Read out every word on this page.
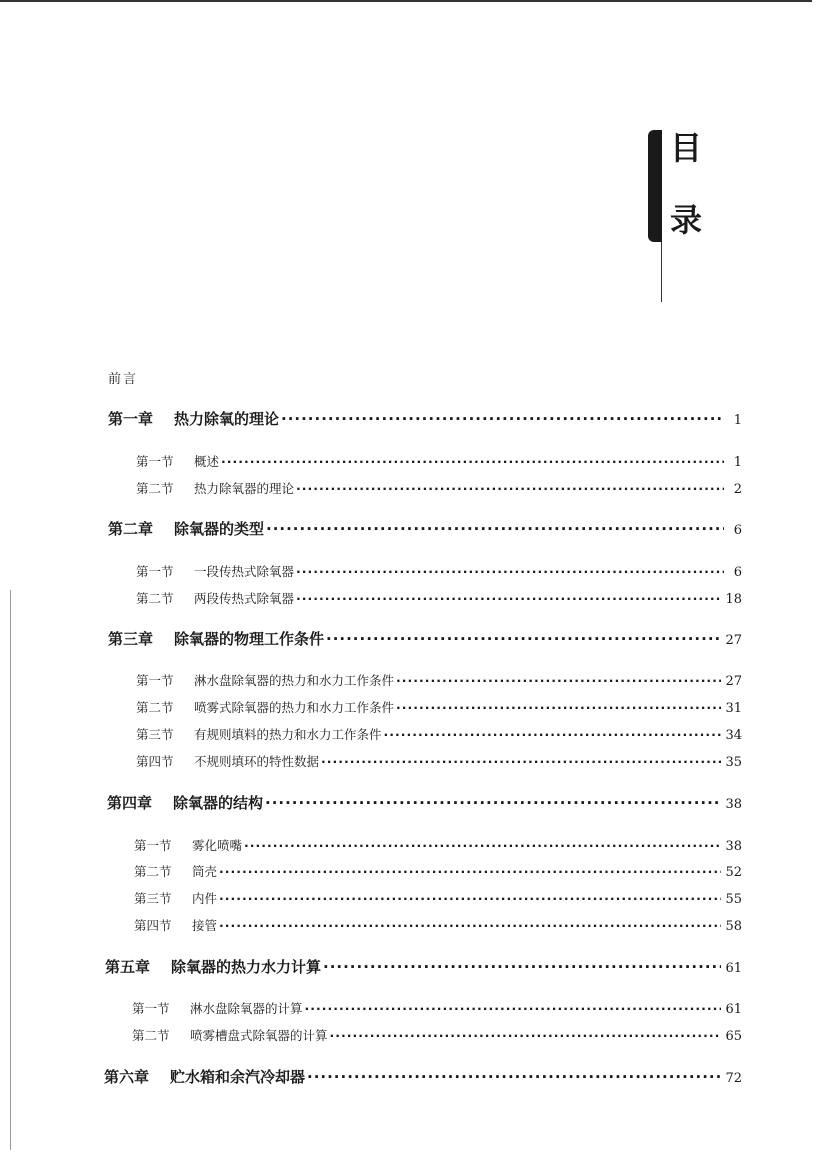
目
录
前言
第一章	热力除氧的理论 ·····	1
第一节	概述 ·····	1
第二节	热力除氧器的理论 ·····	2
第二章	除氧器的类型 ·····	6
第一节	一段传热式除氧器 ·····	6
第二节	两段传热式除氧器 ·····	18
第三章	除氧器的物理工作条件 ·····	27
第一节	淋水盘除氧器的热力和水力工作条件 ·····	27
第二节	喷雾式除氧器的热力和水力工作条件 ·····	31
第三节	有规则填料的热力和水力工作条件 ·····	34
第四节	不规则填环的特性数据 ·····	35
第四章	除氧器的结构 ·····	38
第一节	雾化喷嘴 ·····	38
第二节	筒壳 ·····	52
第三节	内件 ·····	55
第四节	接管 ·····	58
第五章	除氧器的热力水力计算 ·····	61
第一节	淋水盘除氧器的计算 ·····	61
第二节	喷雾槽盘式除氧器的计算 ·····	65
第六章	贮水箱和余汽冷却器 ·····	72
